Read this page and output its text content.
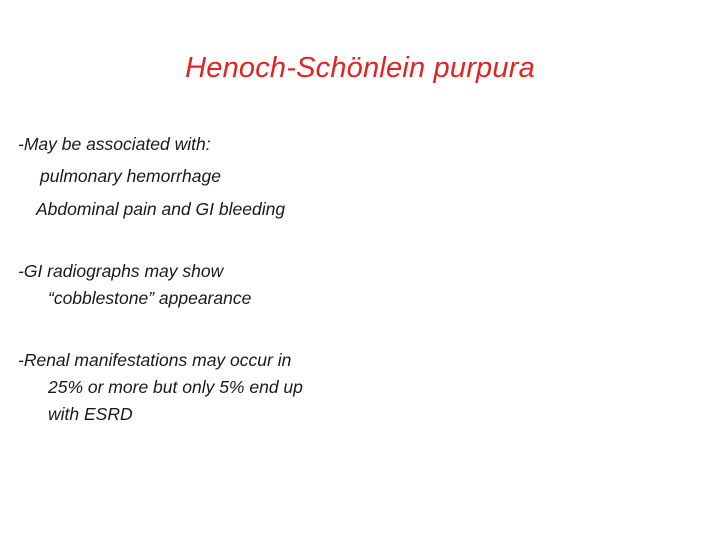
Henoch-Schönlein purpura
-May be associated with:
pulmonary hemorrhage
Abdominal pain and GI bleeding
-GI radiographs may show
“cobblestone” appearance
-Renal manifestations may occur in
25% or more but only 5% end up
with ESRD
